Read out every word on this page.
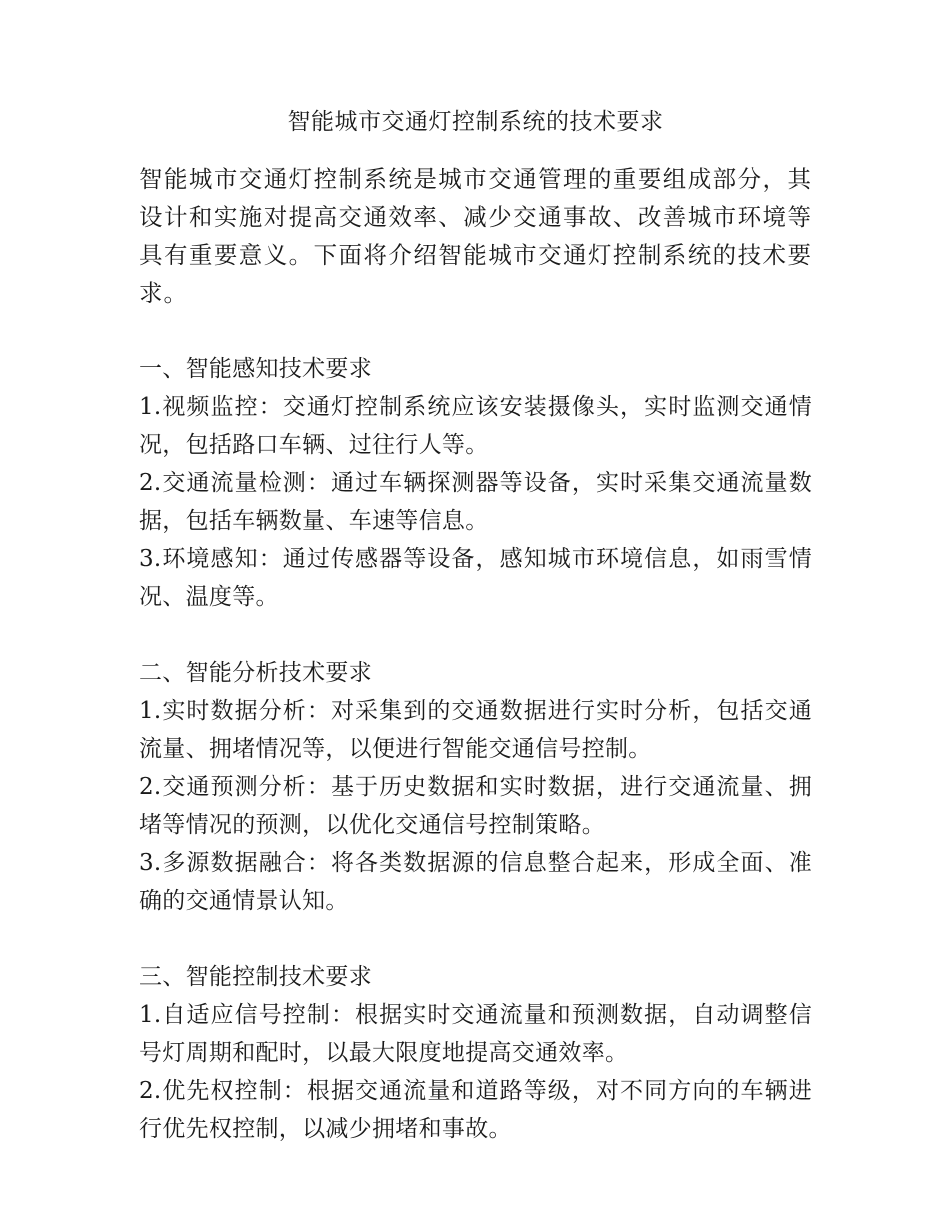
智能城市交通灯控制系统的技术要求

智能城市交通灯控制系统是城市交通管理的重要组成部分，其设计和实施对提高交通效率、减少交通事故、改善城市环境等具有重要意义。下面将介绍智能城市交通灯控制系统的技术要求。

一、智能感知技术要求

1.视频监控：交通灯控制系统应该安装摄像头，实时监测交通情况，包括路口车辆、过往行人等。

2.交通流量检测：通过车辆探测器等设备，实时采集交通流量数据，包括车辆数量、车速等信息。

3.环境感知：通过传感器等设备，感知城市环境信息，如雨雪情况、温度等。

二、智能分析技术要求

1.实时数据分析：对采集到的交通数据进行实时分析，包括交通流量、拥堵情况等，以便进行智能交通信号控制。

2.交通预测分析：基于历史数据和实时数据，进行交通流量、拥堵等情况的预测，以优化交通信号控制策略。

3.多源数据融合：将各类数据源的信息整合起来，形成全面、准确的交通情景认知。

三、智能控制技术要求

1.自适应信号控制：根据实时交通流量和预测数据，自动调整信号灯周期和配时，以最大限度地提高交通效率。

2.优先权控制：根据交通流量和道路等级，对不同方向的车辆进行优先权控制，以减少拥堵和事故。
